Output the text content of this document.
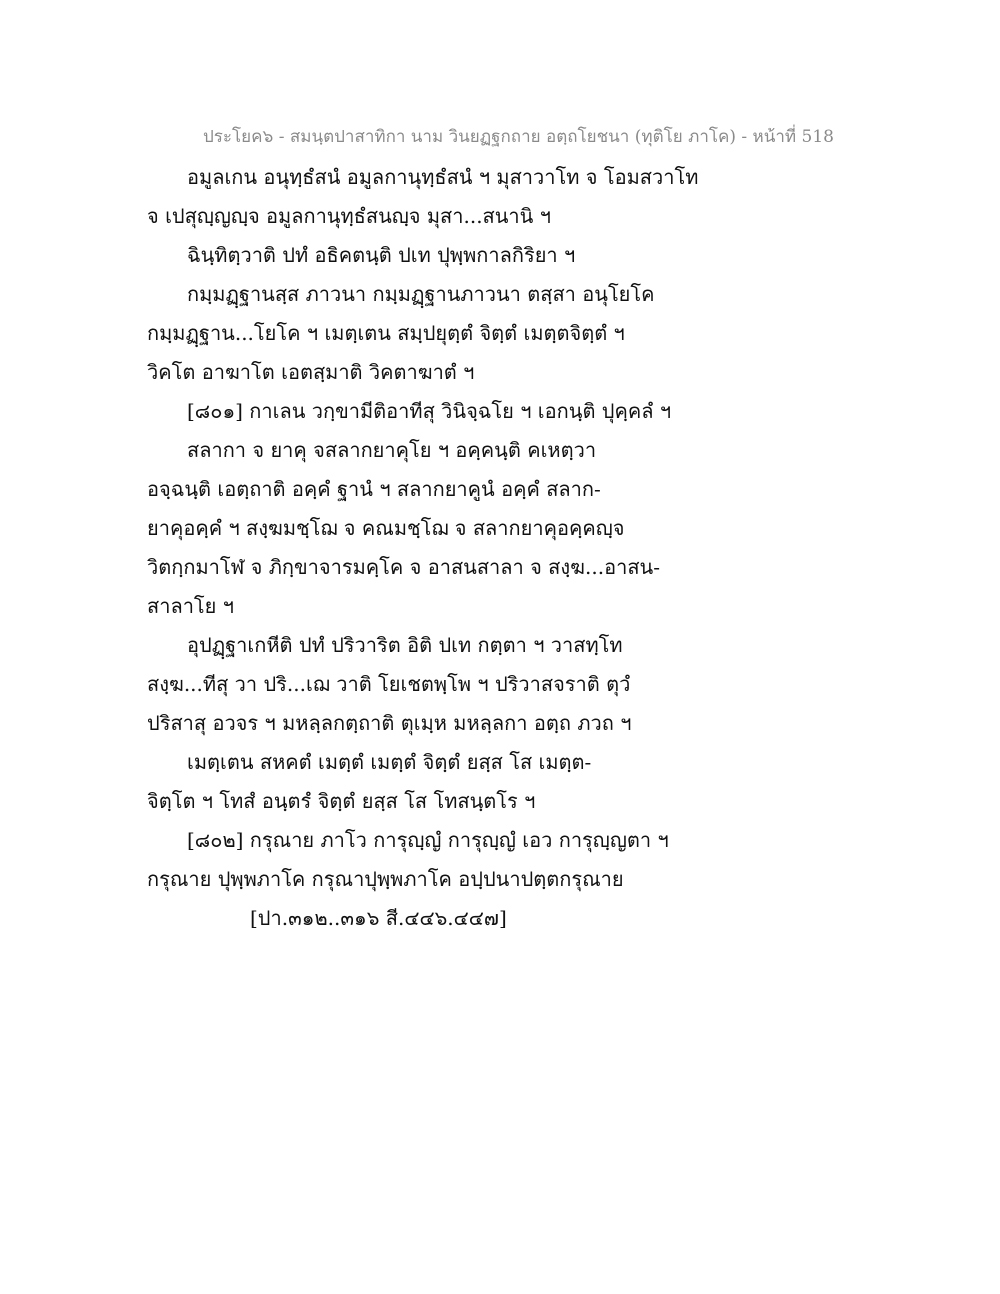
ประโยค๖ - สมนฺตปาสาทิกา นาม วินยฏฐกถาย อตฺถโยชนา (ทุติโย ภาโค) - หน้าที่ 518

อมูลเกน อนุทฺธํสนํ อมูลกานุทฺธํสนํ ฯ มุสาวาโท จ โอมสวาโท

จ เปสุญฺญญฺจ อมูลกานุทฺธํสนญฺจ มุสา...สนานิ ฯ

ฉินฺทิตฺวาติ ปทํ อธิคตนฺติ ปเท ปุพฺพกาลกิริยา ฯ

กมฺมฏฺฐานสฺส ภาวนา กมฺมฏฺฐานภาวนา ตสฺสา อนุโยโค

กมฺมฏฺฐาน...โยโค ฯ เมตฺเตน สมฺปยุตฺตํ จิตฺตํ เมตฺตจิตฺตํ ฯ

วิคโต อาฆาโต เอตสฺมาติ วิคตาฆาตํ ฯ

[๘๐๑] กาเลน วกฺขามีติอาทีสุ วินิจฺฉโย ฯ เอกนฺติ ปุคฺคลํ ฯ

สลากา จ ยาคุ จสลากยาคุโย ฯ อคฺคนฺติ คเหตฺวา

อจฺฉนฺติ เอตฺถาติ อคฺคํ ฐานํ ฯ สลากยาคูนํ อคฺคํ สลาก-

ยาคุอคฺคํ ฯ สงฺฆมชฺโฌ จ คณมชฺโฌ จ สลากยาคุอคฺคญฺจ

วิตกฺกมาโฬ จ ภิกฺขาจารมคฺโค จ อาสนสาลา จ สงฺฆ...อาสน-

สาลาโย ฯ

อุปฏฺฐาเกหีติ ปทํ ปริวาริต อิติ ปเท กตฺตา ฯ วาสทฺโท

สงฺฆ...ทีสุ วา ปริ...เฌ วาติ โยเชตพฺโพ ฯ ปริวาสจราติ ตุวํ

ปริสาสุ อวจร ฯ มหลฺลกตฺถาติ ตุเมฺห มหลฺลกา อตฺถ ภวถ ฯ

เมตฺเตน สหคตํ เมตฺตํ เมตฺตํ จิตฺตํ ยสฺส โส เมตฺต-

จิตฺโต ฯ โทสํ อนฺตรํ จิตฺตํ ยสฺส โส โทสนฺตโร ฯ

[๘๐๒] กรุณาย ภาโว การุญฺญํ การุญฺญํ เอว การุญฺญตา ฯ

กรุณาย ปุพฺพภาโค กรุณาปุพฺพภาโค อปฺปนาปตฺตกรุณาย

[ปา.๓๑๒..๓๑๖ สี.๔๔๖.๔๔๗]
